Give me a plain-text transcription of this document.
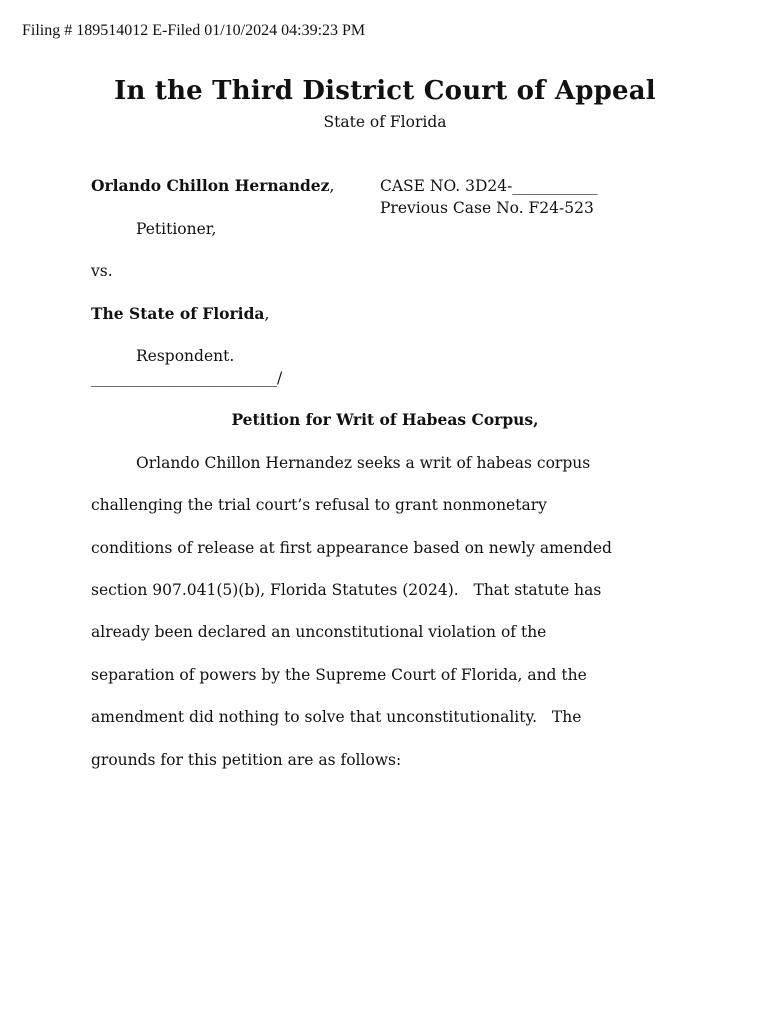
Filing # 189514012 E-Filed 01/10/2024 04:39:23 PM
In the Third District Court of Appeal
State of Florida
Orlando Chillon Hernandez,	CASE NO. 3D24-___________
Previous Case No. F24-523
Petitioner,
vs.
The State of Florida,
Respondent.
________________________/
Petition for Writ of Habeas Corpus,
Orlando Chillon Hernandez seeks a writ of habeas corpus
challenging the trial court’s refusal to grant nonmonetary
conditions of release at first appearance based on newly amended
section 907.041(5)(b), Florida Statutes (2024).   That statute has
already been declared an unconstitutional violation of the
separation of powers by the Supreme Court of Florida, and the
amendment did nothing to solve that unconstitutionality.   The
grounds for this petition are as follows:
